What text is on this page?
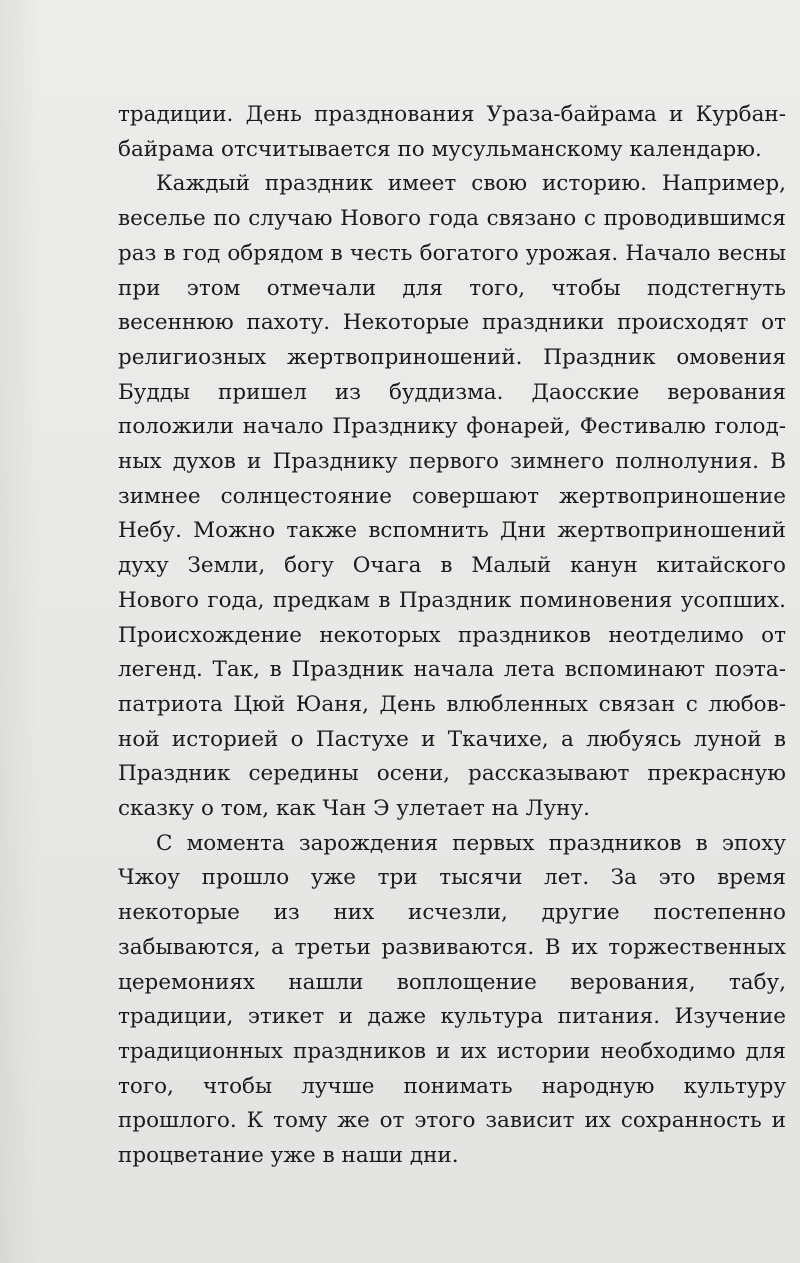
традиции. День празднования Ураза-байрама и Курбан-байрама отсчитывается по мусульманскому календарю.

Каждый праздник имеет свою историю. Например, веселье по случаю Нового года связано с проводившимся раз в год обрядом в честь богатого урожая. Начало весны при этом отмечали для того, чтобы подстегнуть весеннюю пахоту. Некоторые праздники происходят от религиозных жертвоприношений. Праздник омовения Будды пришел из буддизма. Даосские верования положили начало Празднику фонарей, Фестивалю голодных духов и Празднику первого зимнего полнолуния. В зимнее солнцестояние совершают жертвоприношение Небу. Можно также вспомнить Дни жертвоприношений духу Земли, богу Очага в Малый канун китайского Нового года, предкам в Праздник поминовения усопших. Происхождение некоторых праздников неотделимо от легенд. Так, в Праздник начала лета вспоминают поэта-патриота Цюй Юаня, День влюбленных связан с любовной историей о Пастухе и Ткачихе, а любуясь луной в Праздник середины осени, рассказывают прекрасную сказку о том, как Чан Э улетает на Луну.

С момента зарождения первых праздников в эпоху Чжоу прошло уже три тысячи лет. За это время некоторые из них исчезли, другие постепенно забываются, а третьи развиваются. В их торжественных церемониях нашли воплощение верования, табу, традиции, этикет и даже культура питания. Изучение традиционных праздников и их истории необходимо для того, чтобы лучше понимать народную культуру прошлого. К тому же от этого зависит их сохранность и процветание уже в наши дни.
